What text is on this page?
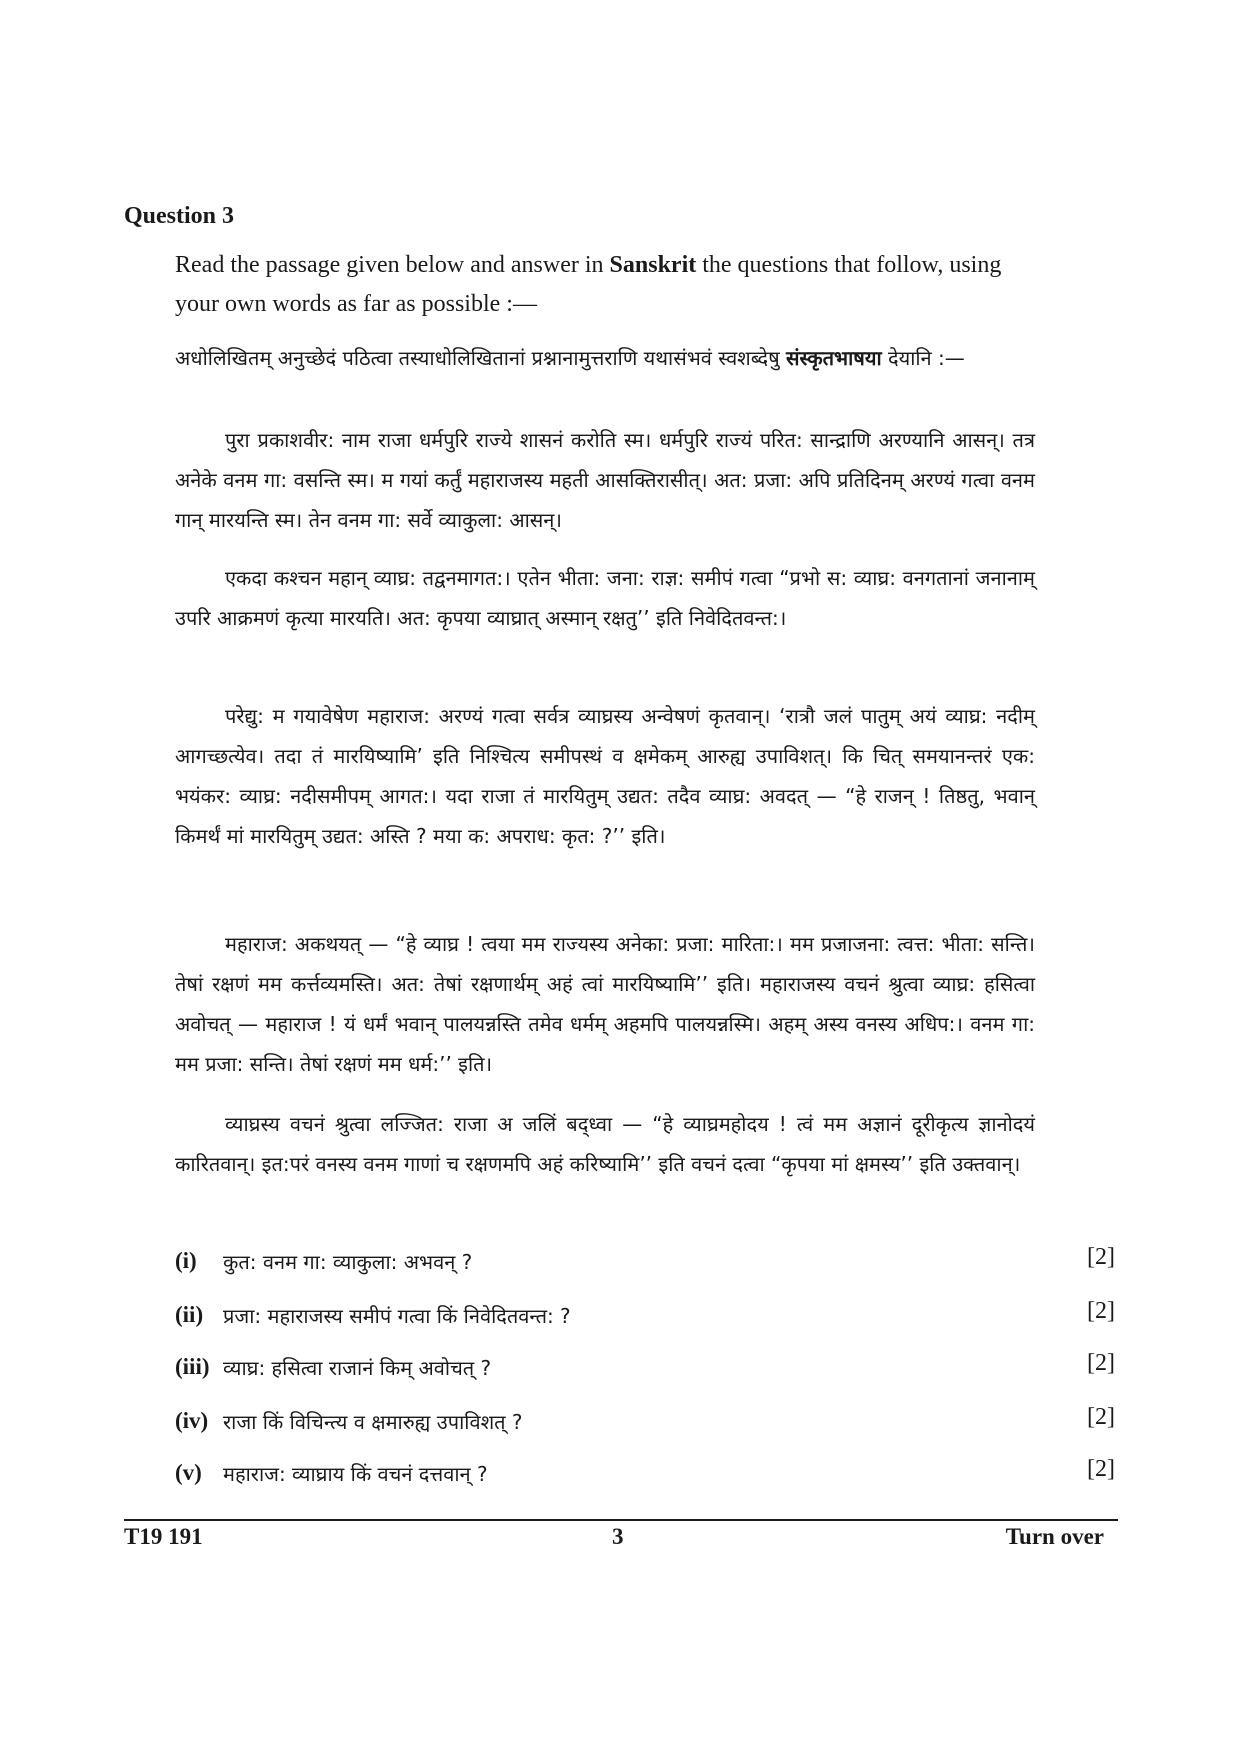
Question 3
Read the passage given below and answer in Sanskrit the questions that follow, using your own words as far as possible :—
अधोलिखितम् अनुच्छेदं पठित्वा तस्याधोलिखितानां प्रश्नानामुत्तराणि यथासंभवं स्वशब्देषु संस्कृतभाषया देयानि :—

पुरा प्रकाशवीर: नाम राजा धर्मपुरि राज्ये शासनं करोति स्म। धर्मपुरि राज्यं परित: सान्द्राणि अरण्यानि आसन्। तत्र अनेके वनम गा: वसन्ति स्म। म गयां कर्तुं महाराजस्य महती आसक्तिरासीत्। अत: प्रजा: अपि प्रतिदिनम् अरण्यं गत्वा वनम गान् मारयन्ति स्म। तेन वनम गा: सर्वे व्याकुला: आसन्।

एकदा कश्चन महान् व्याघ्र: तद्वनमागत:। एतेन भीता: जना: राज्ञ: समीपं गत्वा “प्रभो स: व्याघ्र: वनगतानां जनानाम् उपरि आक्रमणं कृत्या मारयति। अत: कृपया व्याघ्रात् अस्मान् रक्षतु’’ इति निवेदितवन्त:।

परेद्यु: म गयावेषेण महाराज: अरण्यं गत्वा सर्वत्र व्याघ्रस्य अन्वेषणं कृतवान्। ‘रात्रौ जलं पातुम् अयं व्याघ्र: नदीम् आगच्छत्येव। तदा तं मारयिष्यामि’ इति निश्चित्य समीपस्थं व क्षमेकम् आरुह्य उपाविशत्। कि चित् समयानन्तरं एक: भयंकर: व्याघ्र: नदीसमीपम् आगत:। यदा राजा तं मारयितुम् उद्यत: तदैव व्याघ्र: अवदत् — “हे राजन् ! तिष्ठतु, भवान् किमर्थं मां मारयितुम् उद्यत: अस्ति ? मया क: अपराध: कृत: ?’’ इति।

महाराज: अकथयत् — “हे व्याघ्र ! त्वया मम राज्यस्य अनेका: प्रजा: मारिता:। मम प्रजाजना: त्वत्त: भीता: सन्ति। तेषां रक्षणं मम कर्त्तव्यमस्ति। अत: तेषां रक्षणार्थम् अहं त्वां मारयिष्यामि’’ इति। महाराजस्य वचनं श्रुत्वा व्याघ्र: हसित्वा अवोचत् — महाराज ! यं धर्मं भवान् पालयन्नस्ति तमेव धर्मम् अहमपि पालयन्नस्मि। अहम् अस्य वनस्य अधिप:। वनम गा: मम प्रजा: सन्ति। तेषां रक्षणं मम धर्म:’’ इति।

व्याघ्रस्य वचनं श्रुत्वा लज्जित: राजा अ जलिं बद्ध्वा — “हे व्याघ्रमहोदय ! त्वं मम अज्ञानं दूरीकृत्य ज्ञानोदयं कारितवान्। इत:परं वनस्य वनम गाणां च रक्षणमपि अहं करिष्यामि’’ इति वचनं दत्वा “कृपया मां क्षमस्य’’ इति उक्तवान्।

(i) कुत: वनम गा: व्याकुला: अभवन् ?	[2]
(ii) प्रजा: महाराजस्य समीपं गत्वा किं निवेदितवन्त: ?	[2]
(iii) व्याघ्र: हसित्वा राजानं किम् अवोचत् ?	[2]
(iv) राजा किं विचिन्त्य व क्षमारुह्य उपाविशत् ?	[2]
(v) महाराज: व्याघ्राय किं वचनं दत्तवान् ?	[2]
T19 191	3	Turn over
